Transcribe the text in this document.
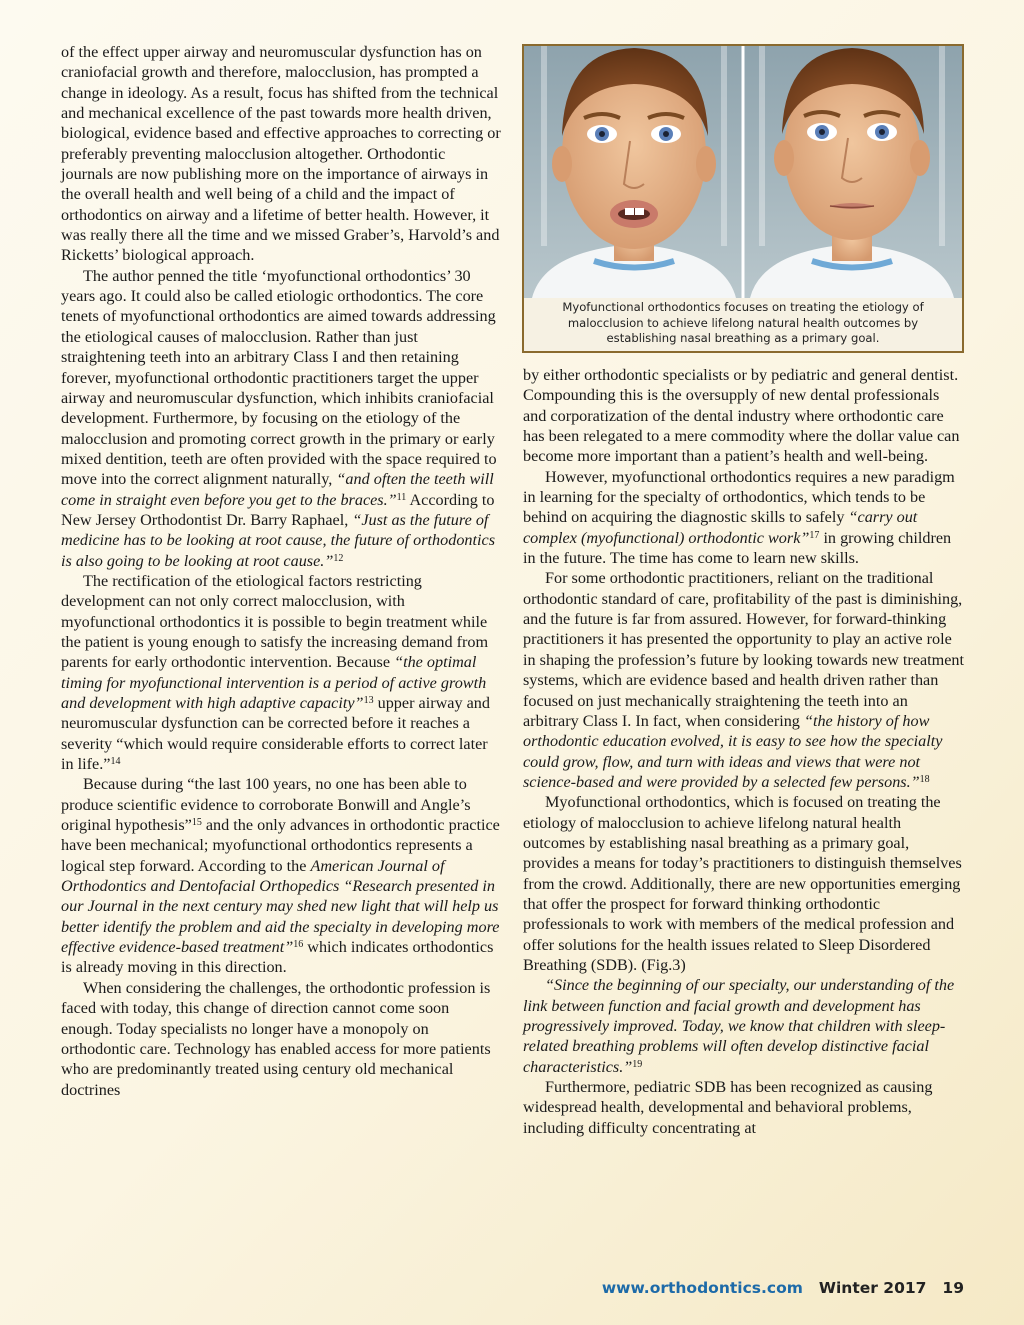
of the effect upper airway and neuromuscular dysfunction has on craniofacial growth and therefore, malocclusion, has prompted a change in ideology. As a result, focus has shifted from the technical and mechanical excellence of the past towards more health driven, biological, evidence based and effective approaches to correcting or preferably preventing malocclusion altogether. Orthodontic journals are now publishing more on the importance of airways in the overall health and well being of a child and the impact of orthodontics on airway and a lifetime of better health. However, it was really there all the time and we missed Graber’s, Harvold’s and Ricketts’ biological approach.

The author penned the title ‘myofunctional orthodontics’ 30 years ago. It could also be called etiologic orthodontics. The core tenets of myofunctional orthodontics are aimed towards addressing the etiological causes of malocclusion. Rather than just straightening teeth into an arbitrary Class I and then retaining forever, myofunctional orthodontic practitioners target the upper airway and neuromuscular dysfunction, which inhibits craniofacial development. Furthermore, by focusing on the etiology of the malocclusion and promoting correct growth in the primary or early mixed dentition, teeth are often provided with the space required to move into the correct alignment naturally, “and often the teeth will come in straight even before you get to the braces.”$^{11}$ According to New Jersey Orthodontist Dr. Barry Raphael, “Just as the future of medicine has to be looking at root cause, the future of orthodontics is also going to be looking at root cause.”$^{12}$

The rectification of the etiological factors restricting development can not only correct malocclusion, with myofunctional orthodontics it is possible to begin treatment while the patient is young enough to satisfy the increasing demand from parents for early orthodontic intervention. Because “the optimal timing for myofunctional intervention is a period of active growth and development with high adaptive capacity”$^{13}$ upper airway and neuromuscular dysfunction can be corrected before it reaches a severity “which would require considerable efforts to correct later in life.”$^{14}$

Because during “the last 100 years, no one has been able to produce scientific evidence to corroborate Bonwill and Angle’s original hypothesis”$^{15}$ and the only advances in orthodontic practice have been mechanical; myofunctional orthodontics represents a logical step forward. According to the American Journal of Orthodontics and Dentofacial Orthopedics “Research presented in our Journal in the next century may shed new light that will help us better identify the problem and aid the specialty in developing more effective evidence-based treatment”$^{16}$ which indicates orthodontics is already moving in this direction.

When considering the challenges, the orthodontic profession is faced with today, this change of direction cannot come soon enough. Today specialists no longer have a monopoly on orthodontic care. Technology has enabled access for more patients who are predominantly treated using century old mechanical doctrines

Myofunctional orthodontics focuses on treating the etiology of malocclusion to achieve lifelong natural health outcomes by establishing nasal breathing as a primary goal.

by either orthodontic specialists or by pediatric and general dentist. Compounding this is the oversupply of new dental professionals and corporatization of the dental industry where orthodontic care has been relegated to a mere commodity where the dollar value can become more important than a patient’s health and well-being.

However, myofunctional orthodontics requires a new paradigm in learning for the specialty of orthodontics, which tends to be behind on acquiring the diagnostic skills to safely “carry out complex (myofunctional) orthodontic work”$^{17}$ in growing children in the future. The time has come to learn new skills.

For some orthodontic practitioners, reliant on the traditional orthodontic standard of care, profitability of the past is diminishing, and the future is far from assured. However, for forward-thinking practitioners it has presented the opportunity to play an active role in shaping the profession’s future by looking towards new treatment systems, which are evidence based and health driven rather than focused on just mechanically straightening the teeth into an arbitrary Class I. In fact, when considering “the history of how orthodontic education evolved, it is easy to see how the specialty could grow, flow, and turn with ideas and views that were not science-based and were provided by a selected few persons.”$^{18}$

Myofunctional orthodontics, which is focused on treating the etiology of malocclusion to achieve lifelong natural health outcomes by establishing nasal breathing as a primary goal, provides a means for today’s practitioners to distinguish themselves from the crowd. Additionally, there are new opportunities emerging that offer the prospect for forward thinking orthodontic professionals to work with members of the medical profession and offer solutions for the health issues related to Sleep Disordered Breathing (SDB). (Fig.3)

“Since the beginning of our specialty, our understanding of the link between function and facial growth and development has progressively improved. Today, we know that children with sleep-related breathing problems will often develop distinctive facial characteristics.”$^{19}$

Furthermore, pediatric SDB has been recognized as causing widespread health, developmental and behavioral problems, including difficulty concentrating at

www.orthodontics.com Winter 2017 19
